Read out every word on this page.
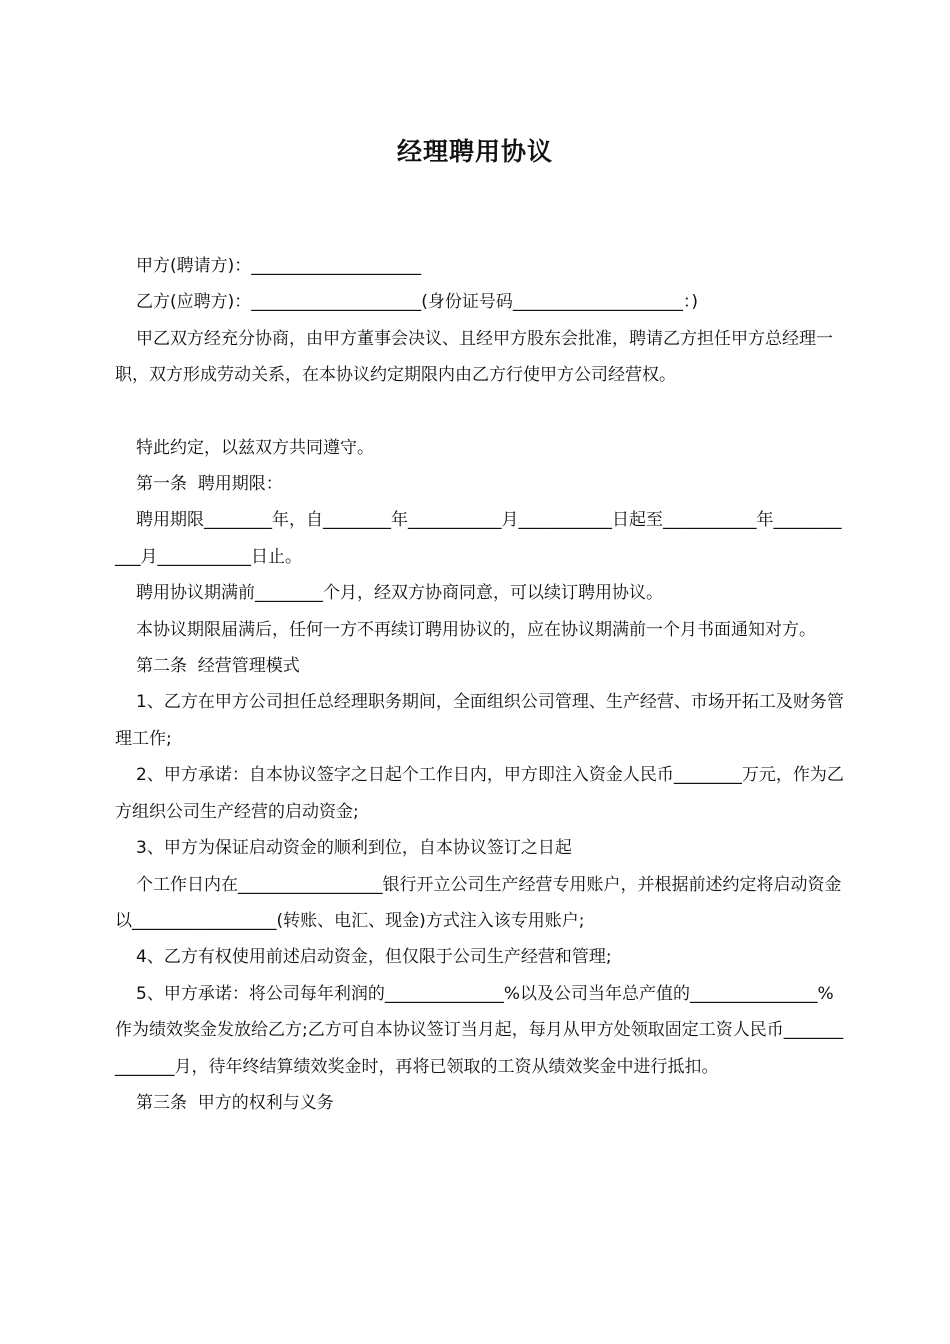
经理聘用协议

甲方(聘请方)：____________________

乙方(应聘方)：____________________(身份证号码____________________：)

甲乙双方经充分协商，由甲方董事会决议、且经甲方股东会批准，聘请乙方担任甲方总经理一职，双方形成劳动关系，在本协议约定期限内由乙方行使甲方公司经营权。

特此约定，以兹双方共同遵守。

第一条  聘用期限：

聘用期限________年，自________年___________月___________日起至___________年___________月___________日止。

聘用协议期满前________个月，经双方协商同意，可以续订聘用协议。

本协议期限届满后，任何一方不再续订聘用协议的，应在协议期满前一个月书面通知对方。

第二条  经营管理模式

1、乙方在甲方公司担任总经理职务期间，全面组织公司管理、生产经营、市场开拓工及财务管理工作;

2、甲方承诺：自本协议签字之日起个工作日内，甲方即注入资金人民币________万元，作为乙方组织公司生产经营的启动资金;

3、甲方为保证启动资金的顺利到位，自本协议签订之日起

个工作日内在_________________银行开立公司生产经营专用账户，并根据前述约定将启动资金以_________________(转账、电汇、现金)方式注入该专用账户;

4、乙方有权使用前述启动资金，但仅限于公司生产经营和管理;

5、甲方承诺：将公司每年利润的______________%以及公司当年总产值的_______________%作为绩效奖金发放给乙方;乙方可自本协议签订当月起，每月从甲方处领取固定工资人民币______________月，待年终结算绩效奖金时，再将已领取的工资从绩效奖金中进行抵扣。

第三条  甲方的权利与义务
